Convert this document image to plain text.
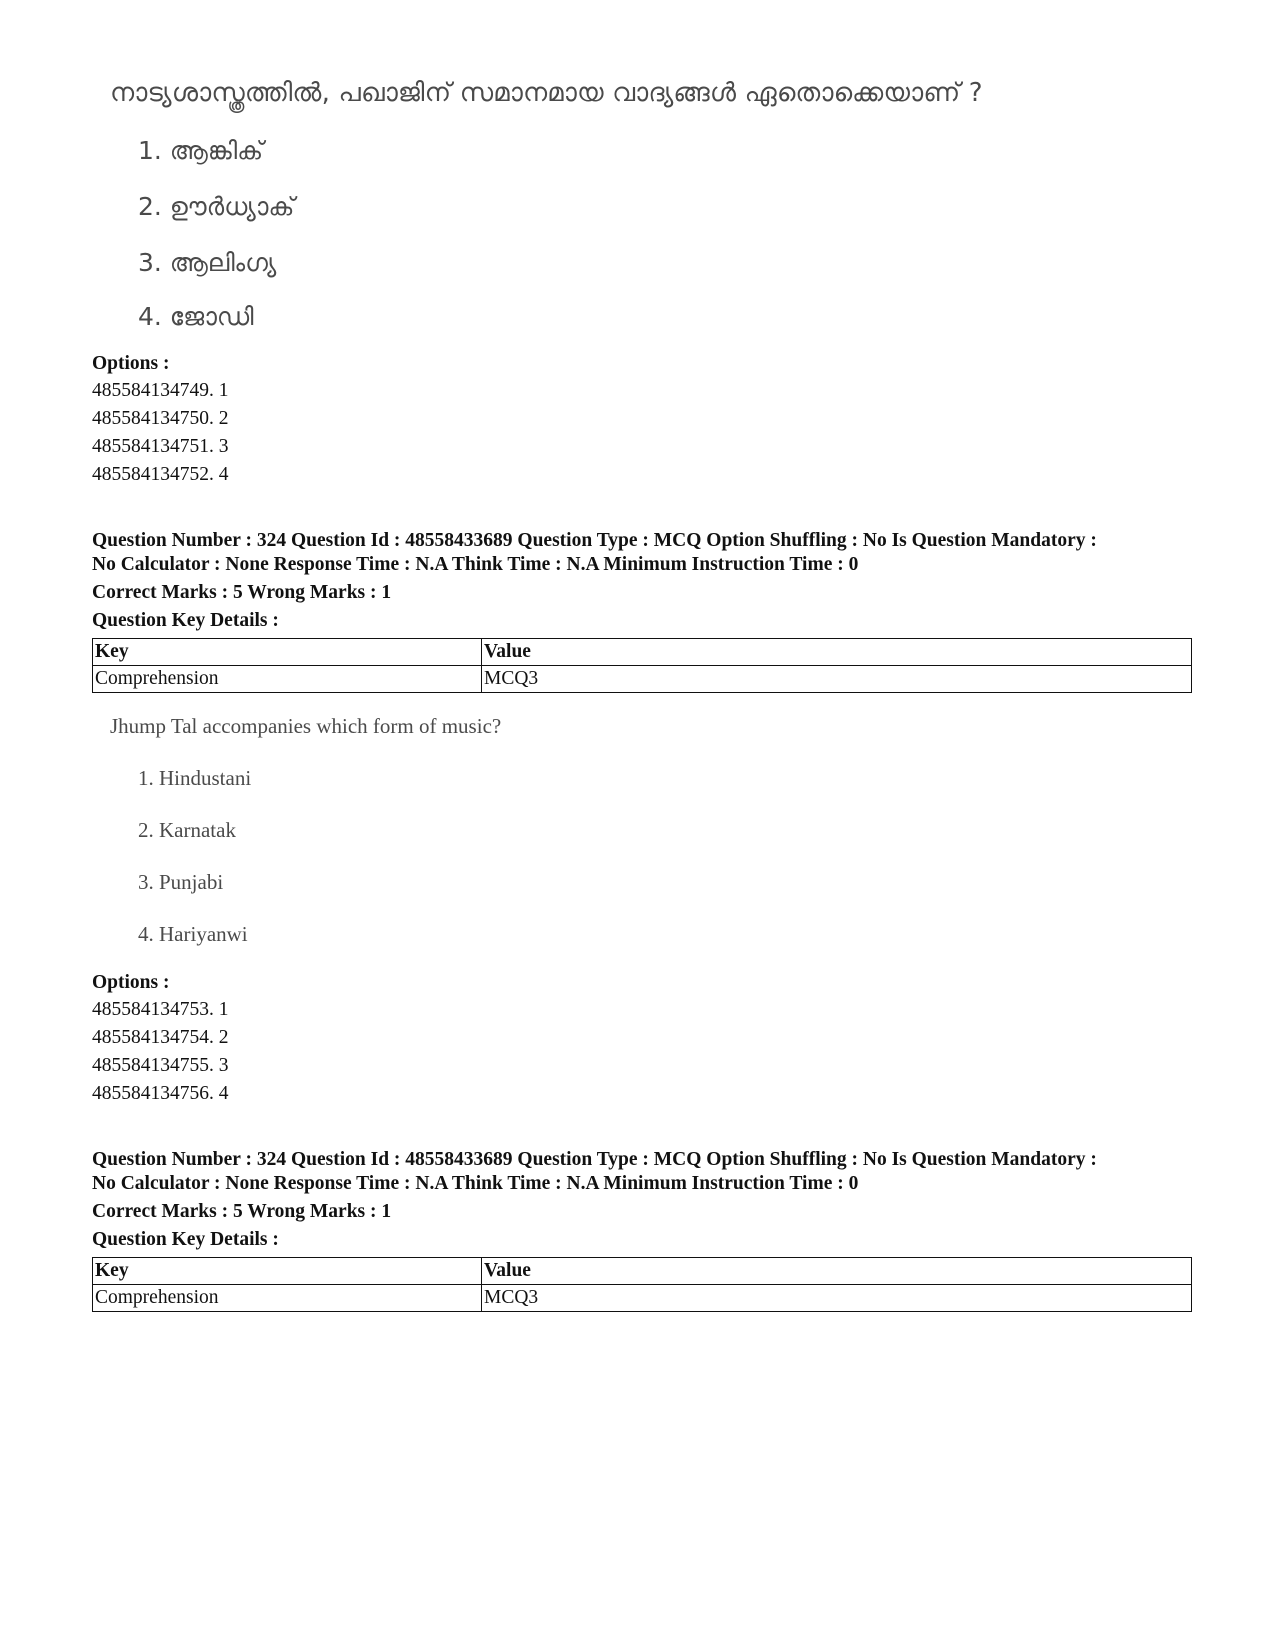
നാട്യശാസ്ത്രത്തിൽ, പഖാജിന് സമാനമായ വാദ്യങ്ങൾ ഏതൊക്കെയാണ് ?
1. ആങ്കിക്
2. ഊർധ്യാക്
3. ആലിംഗ്യ
4. ജോഡി
Options :
485584134749. 1
485584134750. 2
485584134751. 3
485584134752. 4
Question Number : 324 Question Id : 48558433689 Question Type : MCQ Option Shuffling : No Is Question Mandatory :
No Calculator : None Response Time : N.A Think Time : N.A Minimum Instruction Time : 0
Correct Marks : 5 Wrong Marks : 1
Question Key Details :
Key	Value
Comprehension	MCQ3
Jhump Tal accompanies which form of music?
1. Hindustani
2. Karnatak
3. Punjabi
4. Hariyanwi
Options :
485584134753. 1
485584134754. 2
485584134755. 3
485584134756. 4
Question Number : 324 Question Id : 48558433689 Question Type : MCQ Option Shuffling : No Is Question Mandatory :
No Calculator : None Response Time : N.A Think Time : N.A Minimum Instruction Time : 0
Correct Marks : 5 Wrong Marks : 1
Question Key Details :
Key	Value
Comprehension	MCQ3
